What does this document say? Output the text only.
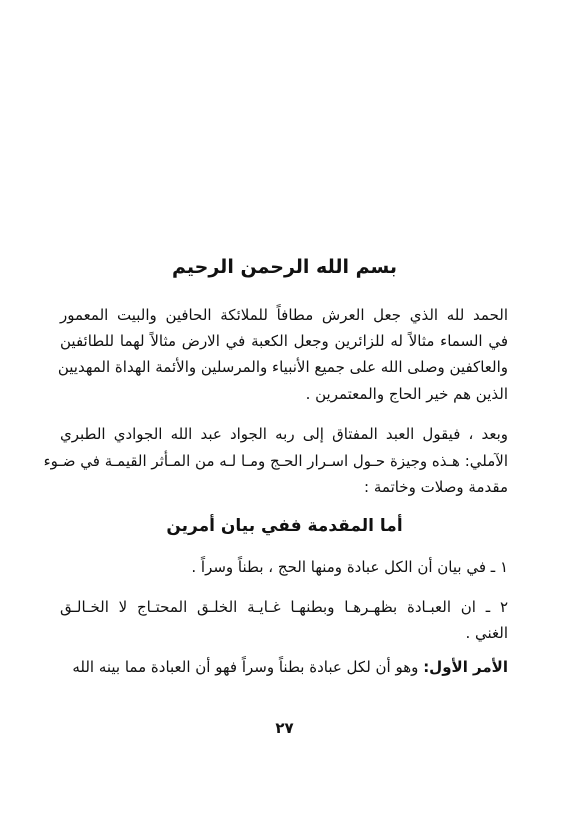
بسم الله الرحمن الرحيم
الحمد لله الذي جعل العرش مطافاً للملائكة الحافين والبيت المعمور
في السماء مثالاً له للزائرين وجعل الكعبة في الارض مثالاً لهما للطائفين
والعاكفين وصلى الله على جميع الأنبياء والمرسلين والأئمة الهداة المهديين
الذين هم خير الحاج والمعتمرين .
وبعد ، فيقول العبد المفتاق إلى ربه الجواد عبد الله الجوادي الطبري
الآملي: هـذه وجيزة حـول اسـرار الحـج ومـا لـه من المـأثر القيمـة في ضـوء
مقدمة وصلات وخاتمة :
أما المقدمة ففي بيان أمرين
١ ـ في بيان أن الكل عبادة ومنها الحج ، بطناً وسراً .
٢ ـ ان العبـادة بظهـرهـا وبطنهـا غـايـة الخلـق المحتـاج لا الخـالـق
الغني .
الأمر الأول: وهو أن لكل عبادة بطناً وسراً فهو أن العبادة مما بينه الله
٢٧
